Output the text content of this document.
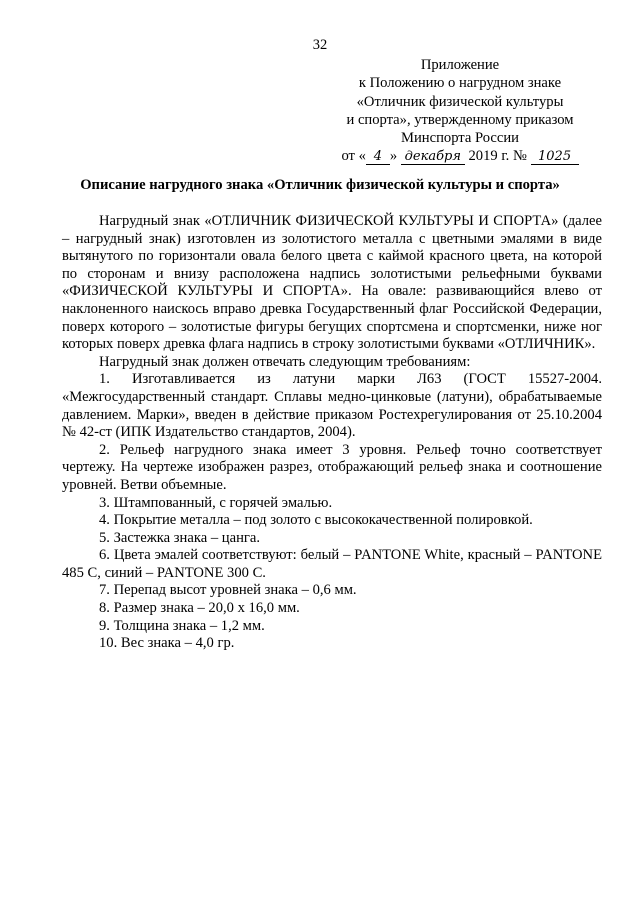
32
Приложение
к Положению о нагрудном знаке
«Отличник физической культуры
и спорта», утвержденному приказом
Минспорта России
от « 4 » декабря 2019 г. № 1025
Описание нагрудного знака «Отличник физической культуры и спорта»

Нагрудный знак «ОТЛИЧНИК ФИЗИЧЕСКОЙ КУЛЬТУРЫ И СПОРТА» (далее – нагрудный знак) изготовлен из золотистого металла с цветными эмалями в виде вытянутого по горизонтали овала белого цвета с каймой красного цвета, на которой по сторонам и внизу расположена надпись золотистыми рельефными буквами «ФИЗИЧЕСКОЙ КУЛЬТУРЫ И СПОРТА». На овале: развивающийся влево от наклоненного наискось вправо древка Государственный флаг Российской Федерации, поверх которого – золотистые фигуры бегущих спортсмена и спортсменки, ниже ног которых поверх древка флага надпись в строку золотистыми буквами «ОТЛИЧНИК».

Нагрудный знак должен отвечать следующим требованиям:

1. Изготавливается из латуни марки Л63 (ГОСТ 15527-2004. «Межгосударственный стандарт. Сплавы медно-цинковые (латуни), обрабатываемые давлением. Марки», введен в действие приказом Ростехрегулирования от 25.10.2004 № 42-ст (ИПК Издательство стандартов, 2004).

2. Рельеф нагрудного знака имеет 3 уровня. Рельеф точно соответствует чертежу. На чертеже изображен разрез, отображающий рельеф знака и соотношение уровней. Ветви объемные.

3. Штампованный, с горячей эмалью.

4. Покрытие металла – под золото с высококачественной полировкой.

5. Застежка знака – цанга.

6. Цвета эмалей соответствуют: белый – PANTONE White, красный – PANTONE 485 C, синий – PANTONE 300 C.

7. Перепад высот уровней знака – 0,6 мм.

8. Размер знака – 20,0 х 16,0 мм.

9. Толщина знака – 1,2 мм.

10. Вес знака – 4,0 гр.
